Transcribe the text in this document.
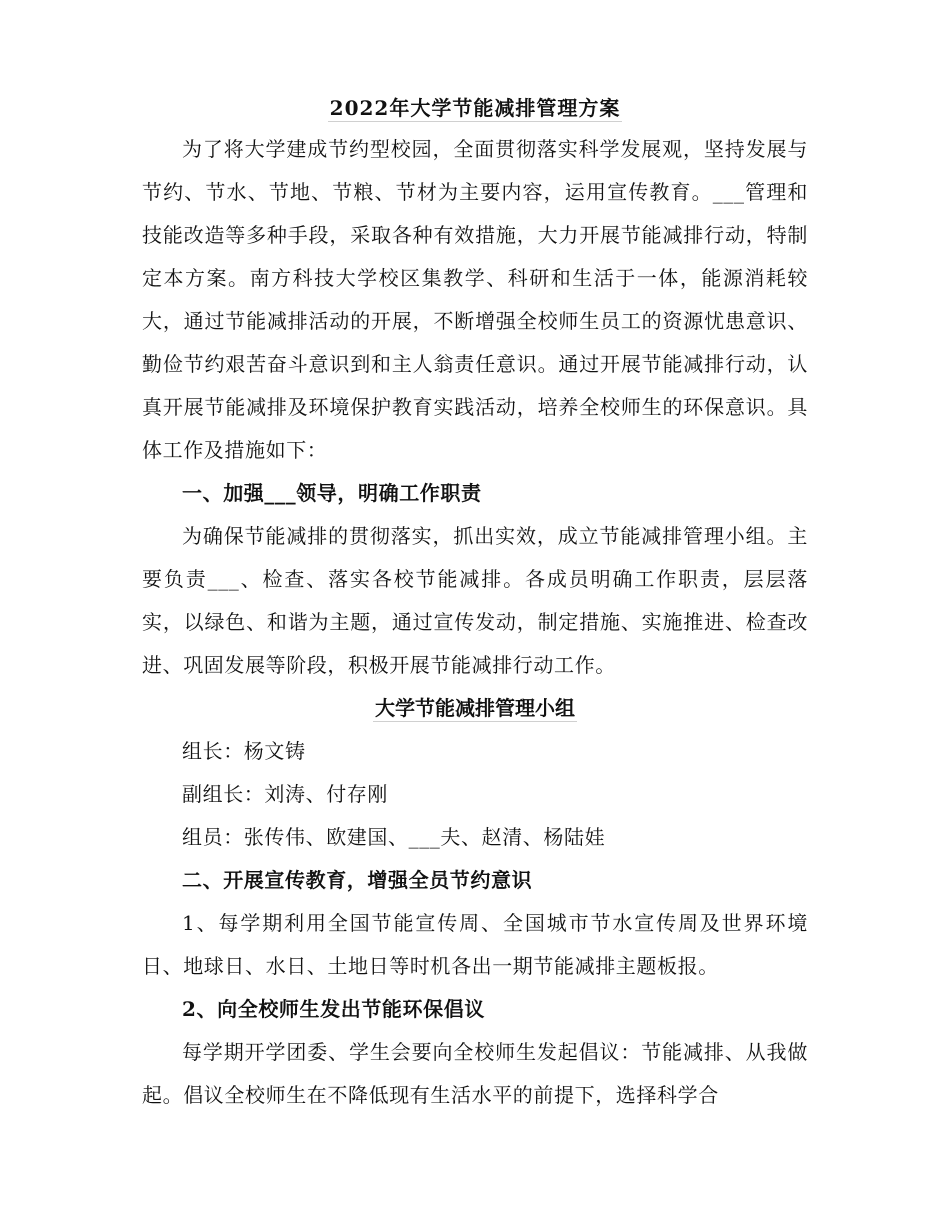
2022年大学节能减排管理方案

为了将大学建成节约型校园，全面贯彻落实科学发展观，坚持发展与节约、节水、节地、节粮、节材为主要内容，运用宣传教育。___管理和技能改造等多种手段，采取各种有效措施，大力开展节能减排行动，特制定本方案。南方科技大学校区集教学、科研和生活于一体，能源消耗较大，通过节能减排活动的开展，不断增强全校师生员工的资源忧患意识、勤俭节约艰苦奋斗意识到和主人翁责任意识。通过开展节能减排行动，认真开展节能减排及环境保护教育实践活动，培养全校师生的环保意识。具体工作及措施如下：

一、加强___领导，明确工作职责

为确保节能减排的贯彻落实，抓出实效，成立节能减排管理小组。主要负责___、检查、落实各校节能减排。各成员明确工作职责，层层落实，以绿色、和谐为主题，通过宣传发动，制定措施、实施推进、检查改进、巩固发展等阶段，积极开展节能减排行动工作。

大学节能减排管理小组

组长：杨文铸

副组长：刘涛、付存刚

组员：张传伟、欧建国、___夫、赵清、杨陆娃

二、开展宣传教育，增强全员节约意识

1、每学期利用全国节能宣传周、全国城市节水宣传周及世界环境日、地球日、水日、土地日等时机各出一期节能减排主题板报。

2、向全校师生发出节能环保倡议

每学期开学团委、学生会要向全校师生发起倡议：节能减排、从我做起。倡议全校师生在不降低现有生活水平的前提下，选择科学合
